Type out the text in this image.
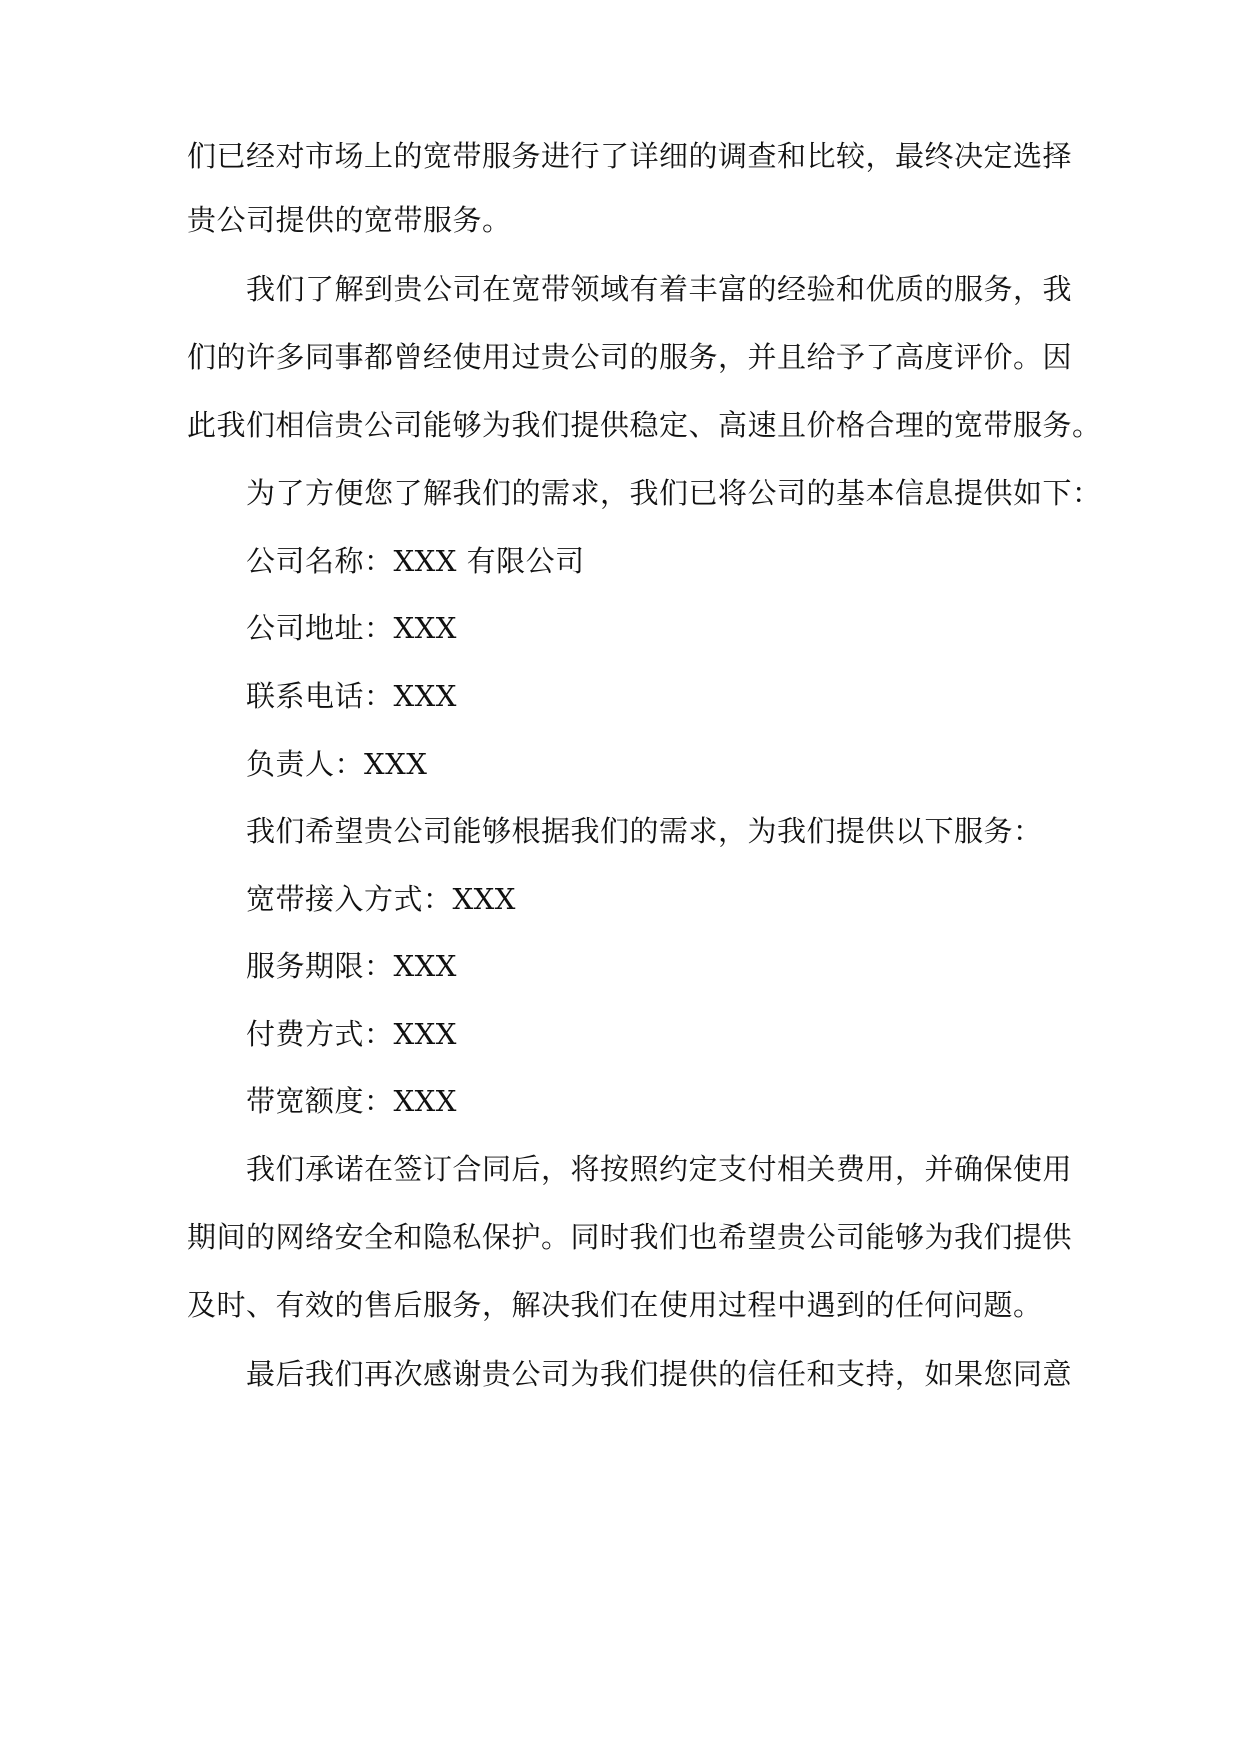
们已经对市场上的宽带服务进行了详细的调查和比较，最终决定选择
贵公司提供的宽带服务。
我们了解到贵公司在宽带领域有着丰富的经验和优质的服务，我
们的许多同事都曾经使用过贵公司的服务，并且给予了高度评价。因
此我们相信贵公司能够为我们提供稳定、高速且价格合理的宽带服务。
为了方便您了解我们的需求，我们已将公司的基本信息提供如下：
公司名称：XXX 有限公司
公司地址：XXX
联系电话：XXX
负责人：XXX
我们希望贵公司能够根据我们的需求，为我们提供以下服务：
宽带接入方式：XXX
服务期限：XXX
付费方式：XXX
带宽额度：XXX
我们承诺在签订合同后，将按照约定支付相关费用，并确保使用
期间的网络安全和隐私保护。同时我们也希望贵公司能够为我们提供
及时、有效的售后服务，解决我们在使用过程中遇到的任何问题。
最后我们再次感谢贵公司为我们提供的信任和支持，如果您同意
